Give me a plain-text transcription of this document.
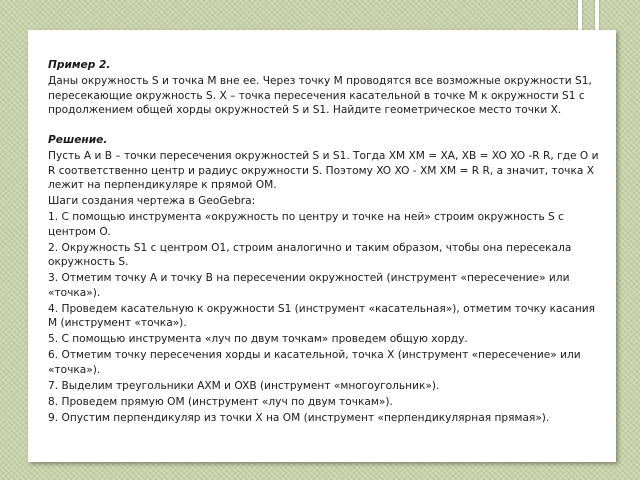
Пример 2.
Даны окружность S и точка M вне ее. Через точку M проводятся все возможные окружности S1, пересекающие окружность S. X – точка пересечения касательной в точке M к окружности S1 с продолжением общей хорды окружностей S и S1. Найдите геометрическое место точки X.
Решение.
Пусть A и B – точки пересечения окружностей S и S1. Тогда XM XM = XA, XB = XO XO -R R, где O и R соответственно центр и радиус окружности S. Поэтому XO XO - XM XM = R R, а значит, точка X лежит на перпендикуляре к прямой OM.
Шаги создания чертежа в GeoGebra:
1. С помощью инструмента «окружность по центру и точке на ней» строим окружность S с центром O.
2. Окружность S1 с центром O1, строим аналогично и таким образом, чтобы она пересекала окружность S.
3. Отметим точку A и точку B на пересечении окружностей (инструмент «пересечение» или «точка»).
4. Проведем касательную к окружности S1 (инструмент «касательная»), отметим точку касания M (инструмент «точка»).
5. С помощью инструмента «луч по двум точкам» проведем общую хорду.
6. Отметим точку пересечения хорды и касательной, точка X (инструмент «пересечение» или «точка»).
7. Выделим треугольники AXM и OXB (инструмент «многоугольник»).
8. Проведем прямую OM (инструмент «луч по двум точкам»).
9. Опустим перпендикуляр из точки X на OM (инструмент «перпендикулярная прямая»).
